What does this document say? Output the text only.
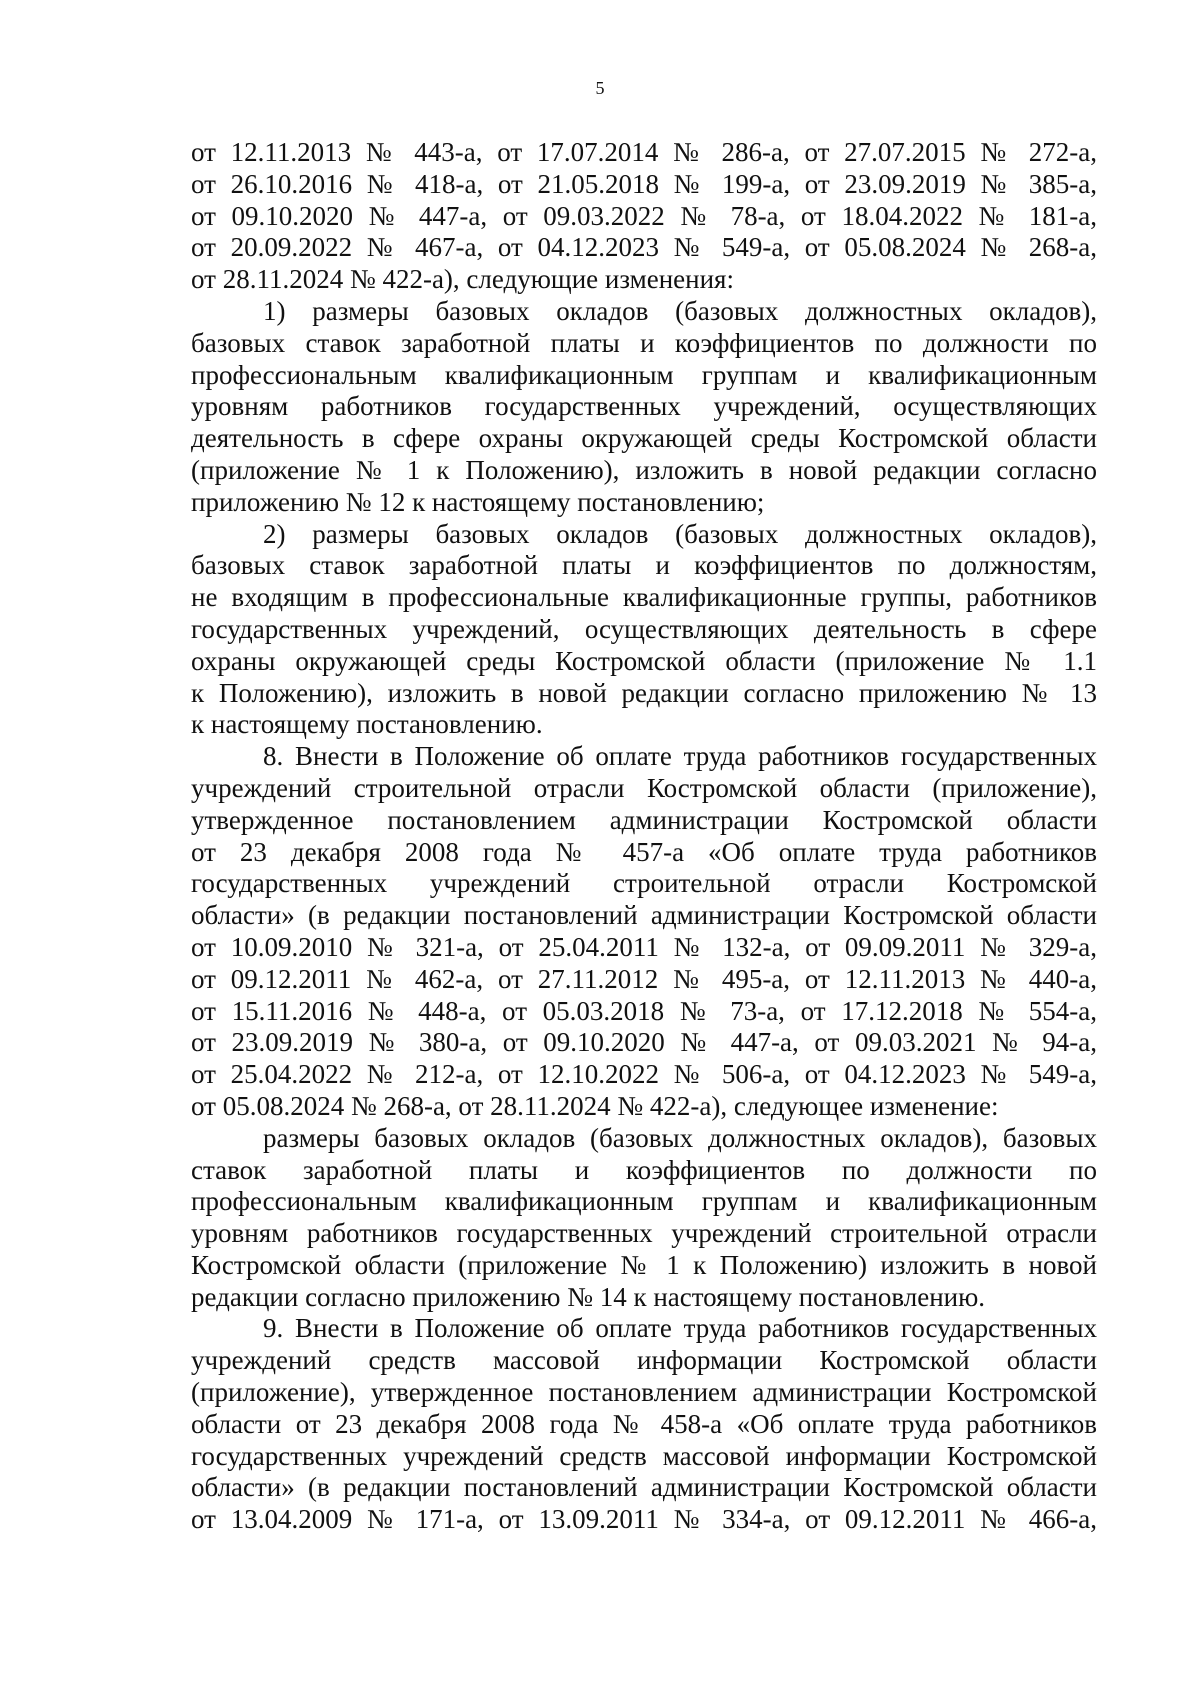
5
от 12.11.2013 № 443-а, от 17.07.2014 № 286-а, от 27.07.2015 № 272-а,
от 26.10.2016 № 418-а, от 21.05.2018 № 199-а, от 23.09.2019 № 385-а,
от 09.10.2020 № 447-а, от 09.03.2022 № 78-а, от 18.04.2022 № 181-а,
от 20.09.2022 № 467-а, от 04.12.2023 № 549-а, от 05.08.2024 № 268-а,
от 28.11.2024 № 422-а), следующие изменения:
1) размеры базовых окладов (базовых должностных окладов),
базовых ставок заработной платы и коэффициентов по должности по
профессиональным квалификационным группам и квалификационным
уровням работников государственных учреждений, осуществляющих
деятельность в сфере охраны окружающей среды Костромской области
(приложение № 1 к Положению), изложить в новой редакции согласно
приложению № 12 к настоящему постановлению;
2) размеры базовых окладов (базовых должностных окладов),
базовых ставок заработной платы и коэффициентов по должностям,
не входящим в профессиональные квалификационные группы, работников
государственных учреждений, осуществляющих деятельность в сфере
охраны окружающей среды Костромской области (приложение № 1.1
к Положению), изложить в новой редакции согласно приложению № 13
к настоящему постановлению.
8. Внести в Положение об оплате труда работников государственных
учреждений строительной отрасли Костромской области (приложение),
утвержденное постановлением администрации Костромской области
от 23 декабря 2008 года № 457-а «Об оплате труда работников
государственных учреждений строительной отрасли Костромской
области» (в редакции постановлений администрации Костромской области
от 10.09.2010 № 321-а, от 25.04.2011 № 132-а, от 09.09.2011 № 329-а,
от 09.12.2011 № 462-а, от 27.11.2012 № 495-а, от 12.11.2013 № 440-а,
от 15.11.2016 № 448-а, от 05.03.2018 № 73-а, от 17.12.2018 № 554-а,
от 23.09.2019 № 380-а, от 09.10.2020 № 447-а, от 09.03.2021 № 94-а,
от 25.04.2022 № 212-а, от 12.10.2022 № 506-а, от 04.12.2023 № 549-а,
от 05.08.2024 № 268-а, от 28.11.2024 № 422-а), следующее изменение:
размеры базовых окладов (базовых должностных окладов), базовых
ставок заработной платы и коэффициентов по должности по
профессиональным квалификационным группам и квалификационным
уровням работников государственных учреждений строительной отрасли
Костромской области (приложение № 1 к Положению) изложить в новой
редакции согласно приложению № 14 к настоящему постановлению.
9. Внести в Положение об оплате труда работников государственных
учреждений средств массовой информации Костромской области
(приложение), утвержденное постановлением администрации Костромской
области от 23 декабря 2008 года № 458-а «Об оплате труда работников
государственных учреждений средств массовой информации Костромской
области» (в редакции постановлений администрации Костромской области
от 13.04.2009 № 171-а, от 13.09.2011 № 334-а, от 09.12.2011 № 466-а,
